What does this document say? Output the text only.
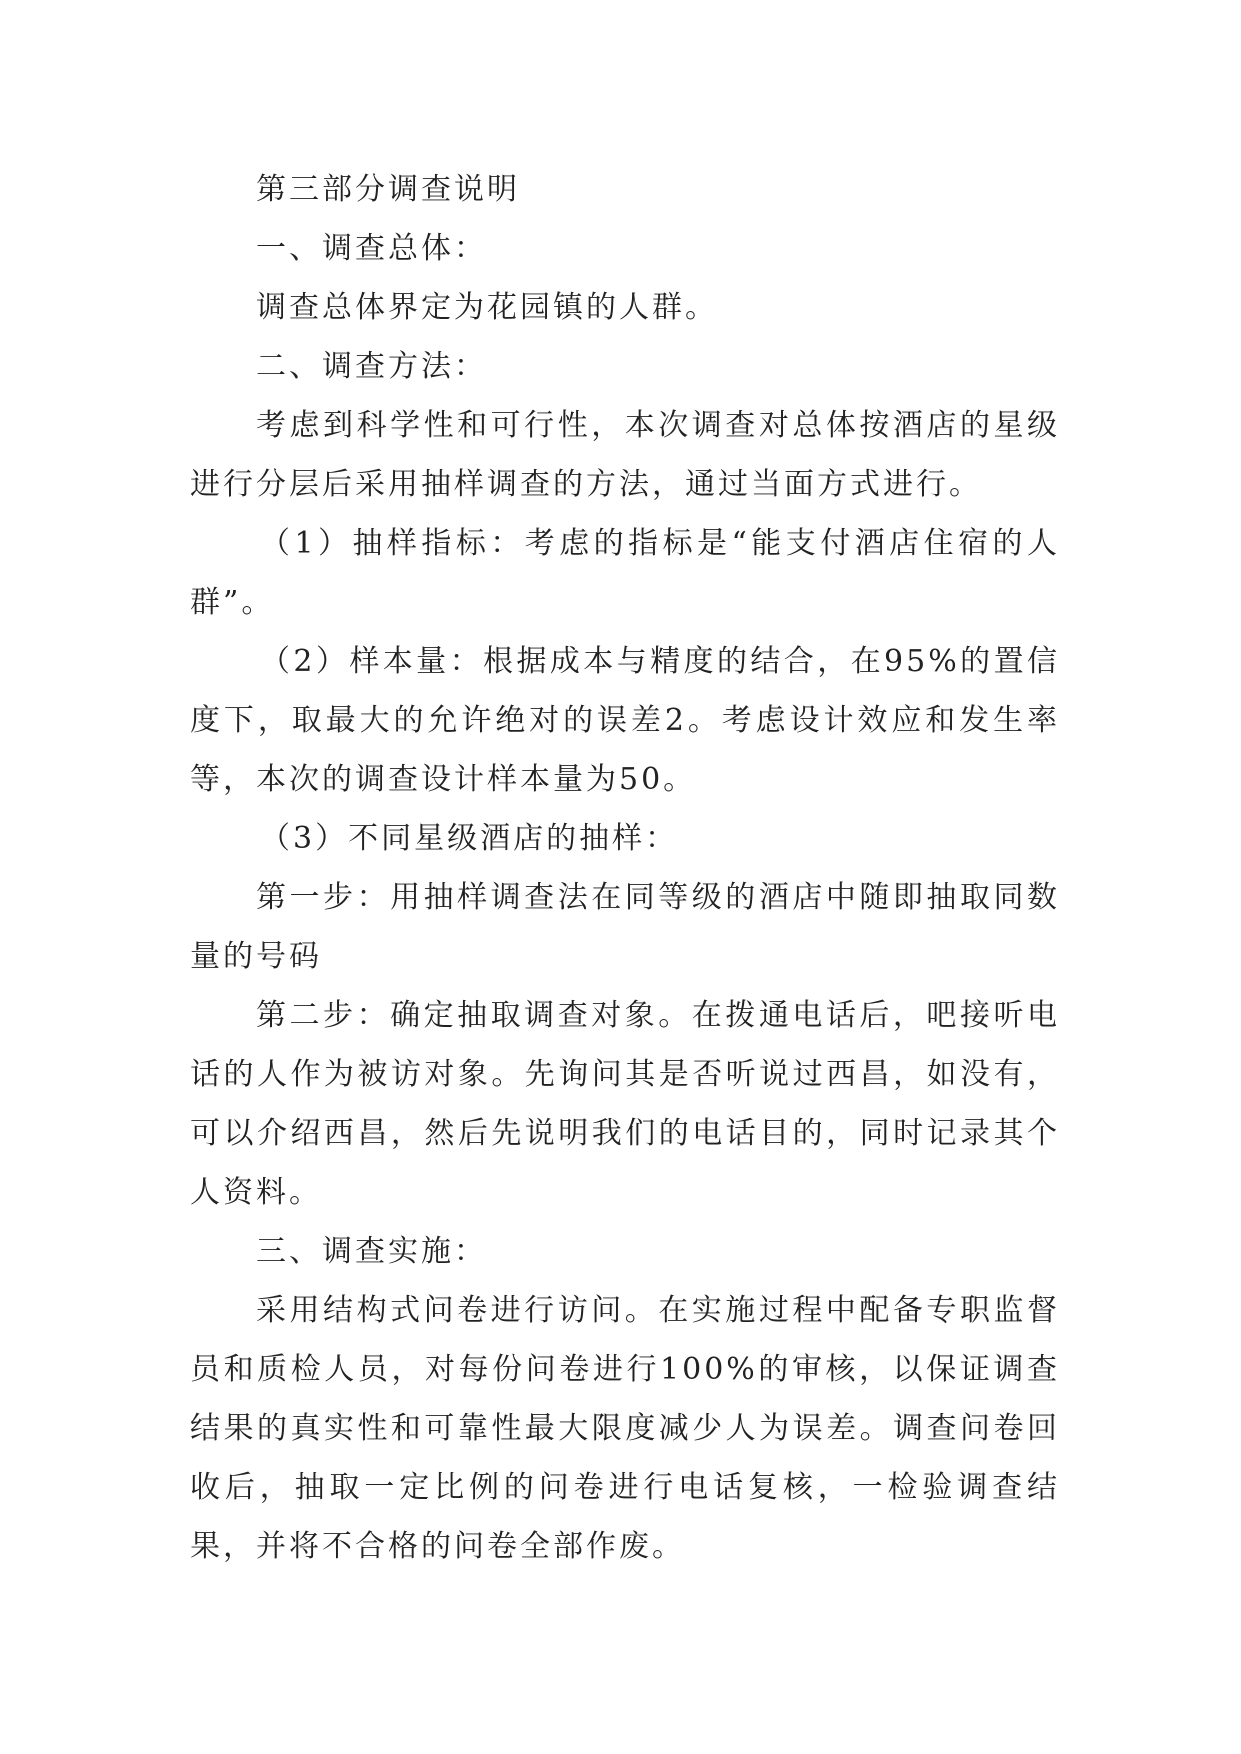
第三部分调查说明

一、调查总体：

调查总体界定为花园镇的人群。

二、调查方法：

考虑到科学性和可行性，本次调查对总体按酒店的星级进行分层后采用抽样调查的方法，通过当面方式进行。

（1）抽样指标：考虑的指标是“能支付酒店住宿的人群”。

（2）样本量：根据成本与精度的结合，在95%的置信度下，取最大的允许绝对的误差2。考虑设计效应和发生率等，本次的调查设计样本量为50。

（3）不同星级酒店的抽样：

第一步：用抽样调查法在同等级的酒店中随即抽取同数量的号码

第二步：确定抽取调查对象。在拨通电话后，吧接听电话的人作为被访对象。先询问其是否听说过西昌，如没有，可以介绍西昌，然后先说明我们的电话目的，同时记录其个人资料。

三、调查实施：

采用结构式问卷进行访问。在实施过程中配备专职监督员和质检人员，对每份问卷进行100%的审核，以保证调查结果的真实性和可靠性最大限度减少人为误差。调查问卷回收后，抽取一定比例的问卷进行电话复核，一检验调查结果，并将不合格的问卷全部作废。
